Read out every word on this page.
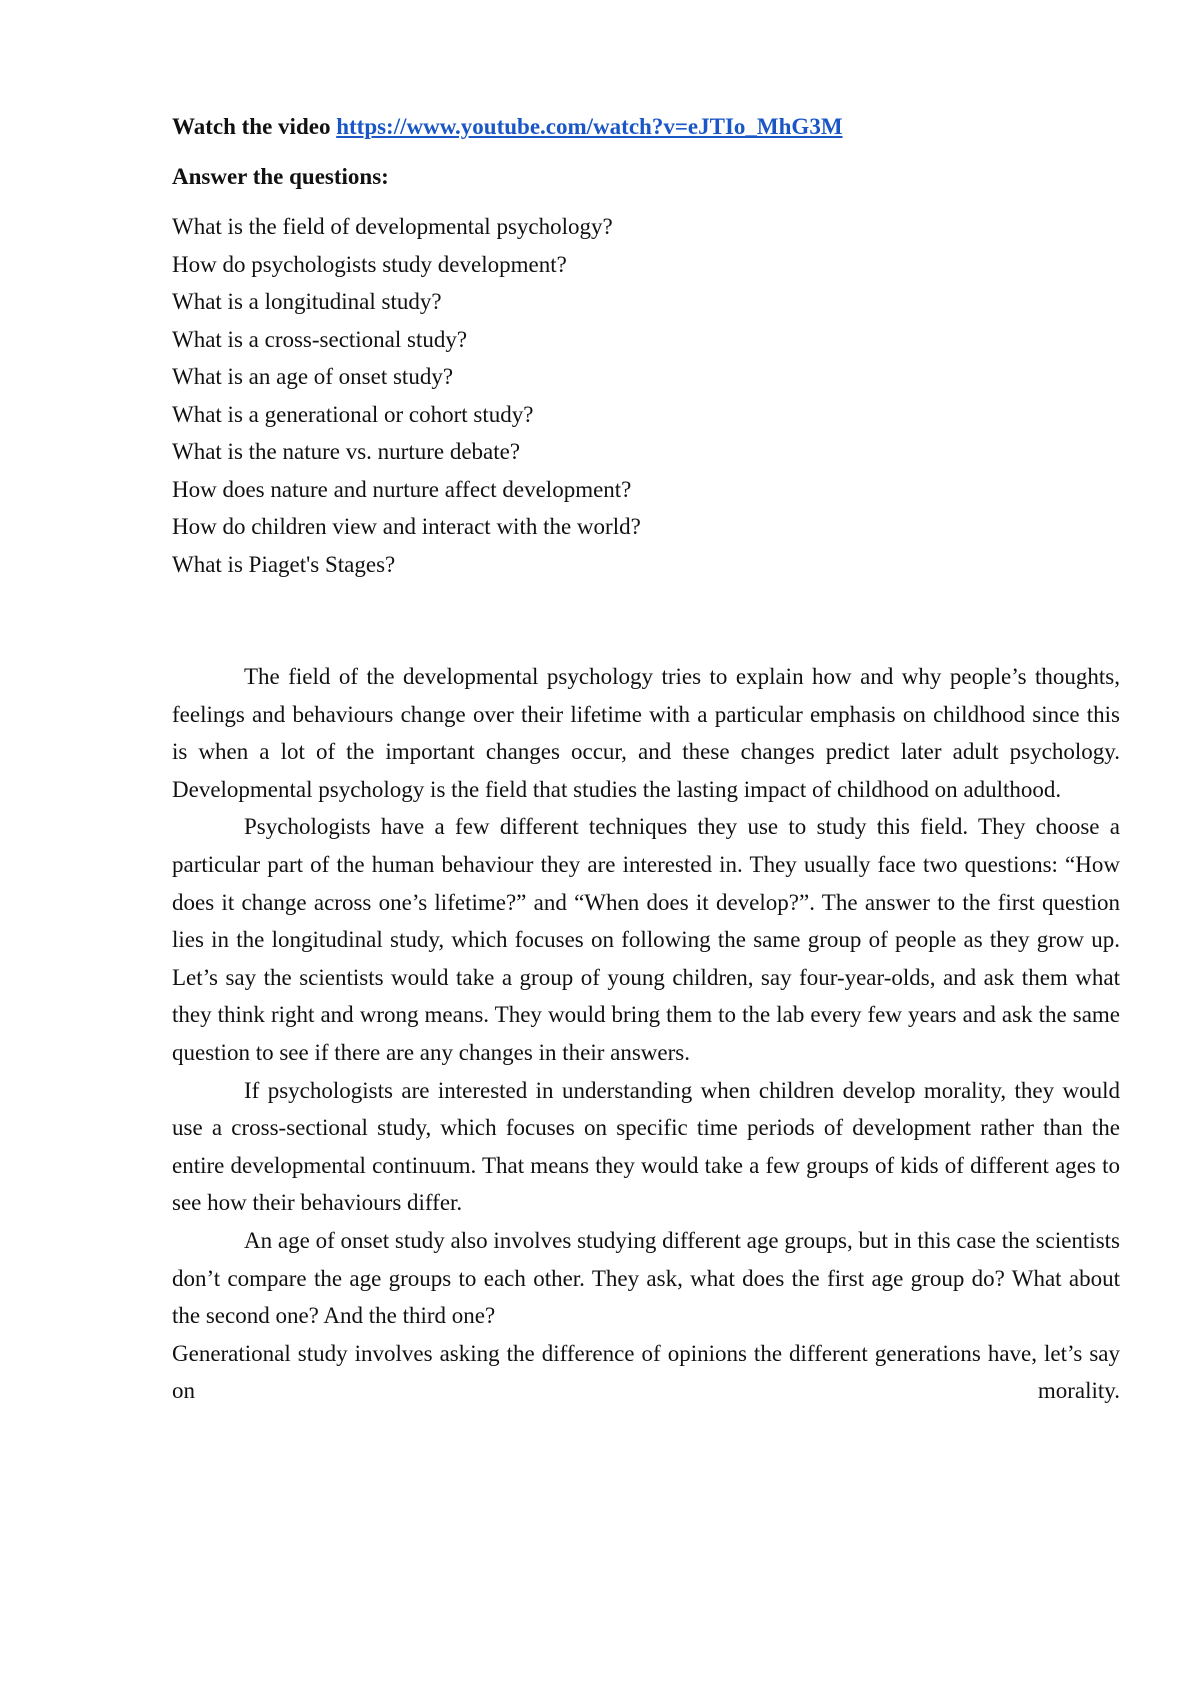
Watch the video https://www.youtube.com/watch?v=eJTIo_MhG3M
Answer the questions:
What is the field of developmental psychology?
How do psychologists study development?
What is a longitudinal study?
What is a cross-sectional study?
What is an age of onset study?
What is a generational or cohort study?
What is the nature vs. nurture debate?
How does nature and nurture affect development?
How do children view and interact with the world?
What is Piaget's Stages?

The field of the developmental psychology tries to explain how and why people’s thoughts, feelings and behaviours change over their lifetime with a particular emphasis on childhood since this is when a lot of the important changes occur, and these changes predict later adult psychology. Developmental psychology is the field that studies the lasting impact of childhood on adulthood.

Psychologists have a few different techniques they use to study this field. They choose a particular part of the human behaviour they are interested in. They usually face two questions: “How does it change across one’s lifetime?” and “When does it develop?”. The answer to the first question lies in the longitudinal study, which focuses on following the same group of people as they grow up. Let’s say the scientists would take a group of young children, say four-year-olds, and ask them what they think right and wrong means. They would bring them to the lab every few years and ask the same question to see if there are any changes in their answers.

If psychologists are interested in understanding when children develop morality, they would use a cross-sectional study, which focuses on specific time periods of development rather than the entire developmental continuum. That means they would take a few groups of kids of different ages to see how their behaviours differ.

An age of onset study also involves studying different age groups, but in this case the scientists don’t compare the age groups to each other. They ask, what does the first age group do? What about the second one? And the third one?

Generational study involves asking the difference of opinions the different generations have, let’s say on morality.
